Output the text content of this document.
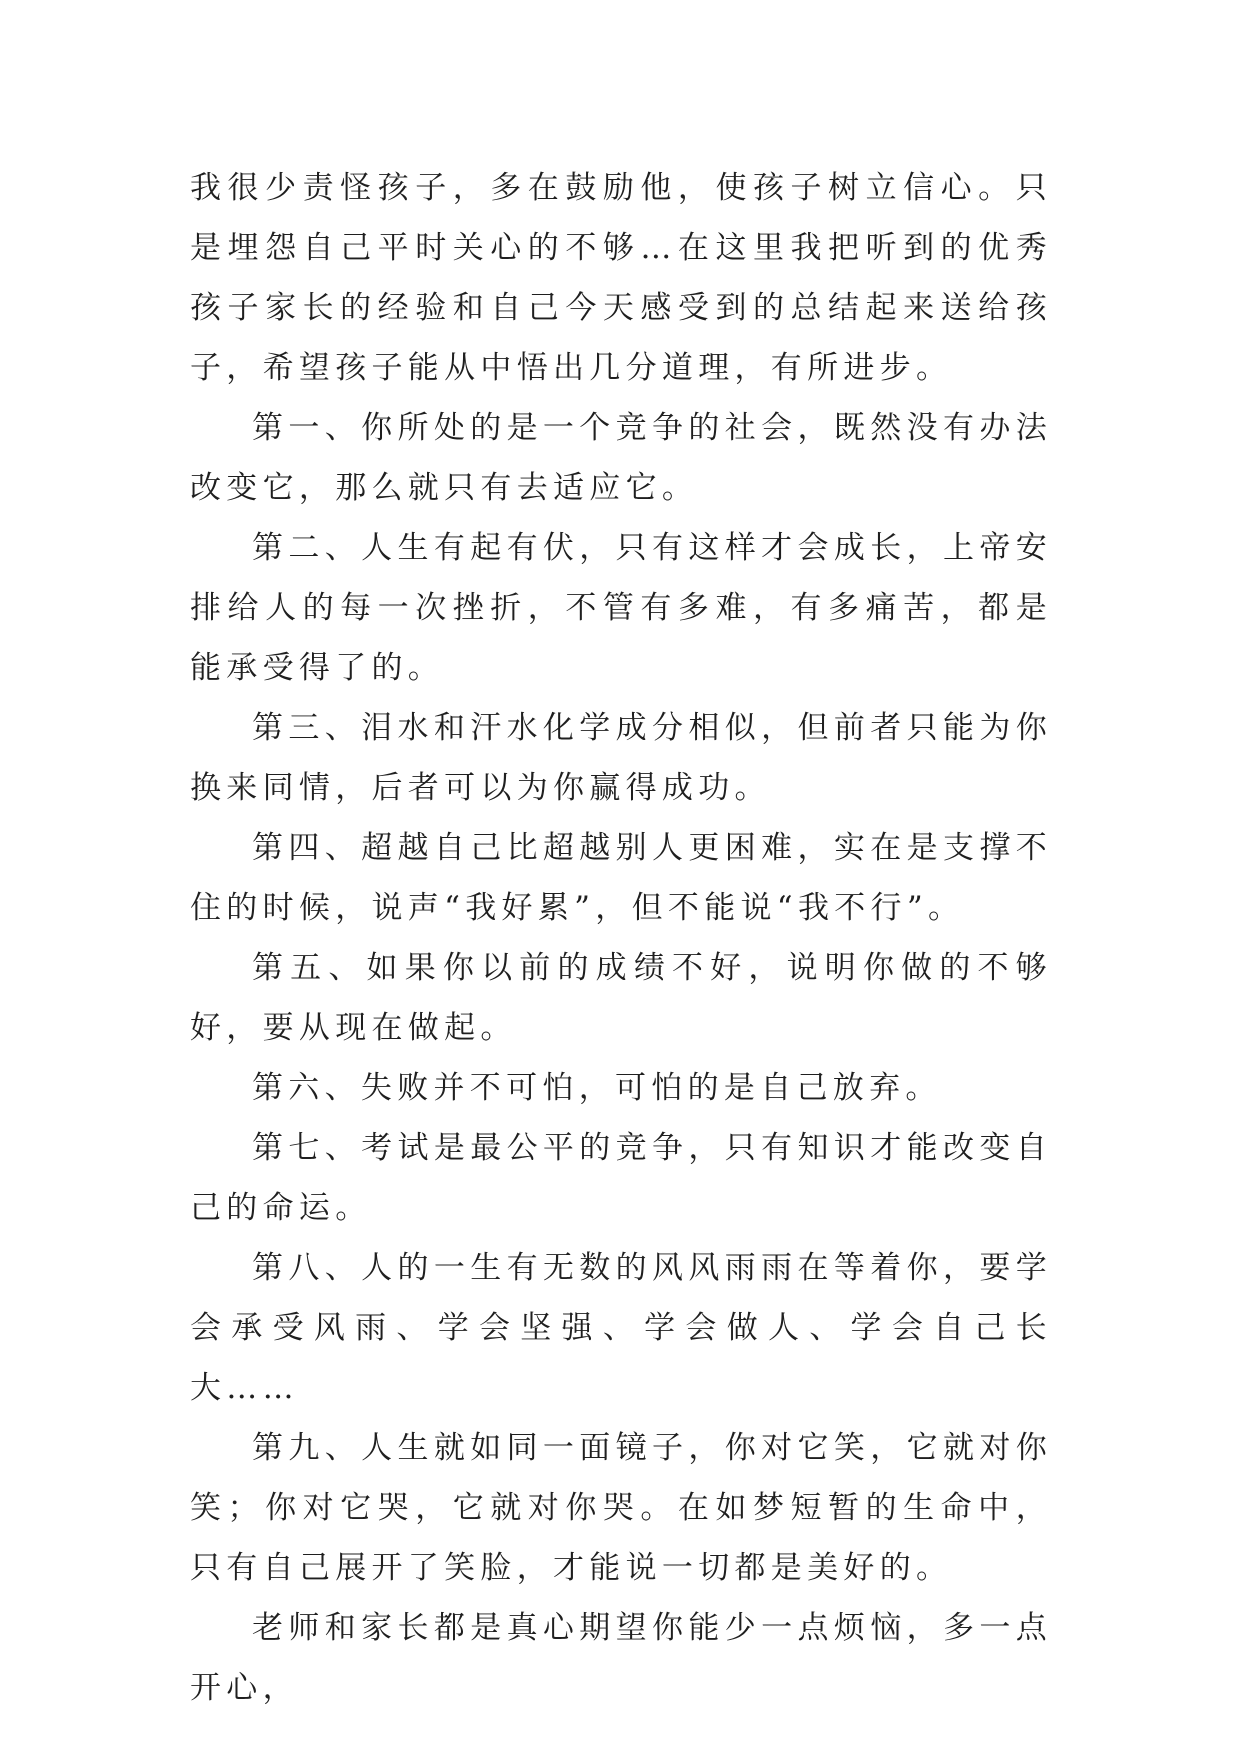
我很少责怪孩子，多在鼓励他，使孩子树立信心。只是埋怨自己平时关心的不够…在这里我把听到的优秀孩子家长的经验和自己今天感受到的总结起来送给孩子，希望孩子能从中悟出几分道理，有所进步。

第一、你所处的是一个竞争的社会，既然没有办法改变它，那么就只有去适应它。

第二、人生有起有伏，只有这样才会成长，上帝安排给人的每一次挫折，不管有多难，有多痛苦，都是能承受得了的。

第三、泪水和汗水化学成分相似，但前者只能为你换来同情，后者可以为你赢得成功。

第四、超越自己比超越别人更困难，实在是支撑不住的时候，说声“我好累”，但不能说“我不行”。

第五、如果你以前的成绩不好，说明你做的不够好，要从现在做起。

第六、失败并不可怕，可怕的是自己放弃。

第七、考试是最公平的竞争，只有知识才能改变自己的命运。

第八、人的一生有无数的风风雨雨在等着你，要学会承受风雨、学会坚强、学会做人、学会自己长大……

第九、人生就如同一面镜子，你对它笑，它就对你笑；你对它哭，它就对你哭。在如梦短暂的生命中，只有自己展开了笑脸，才能说一切都是美好的。

老师和家长都是真心期望你能少一点烦恼，多一点开心，
